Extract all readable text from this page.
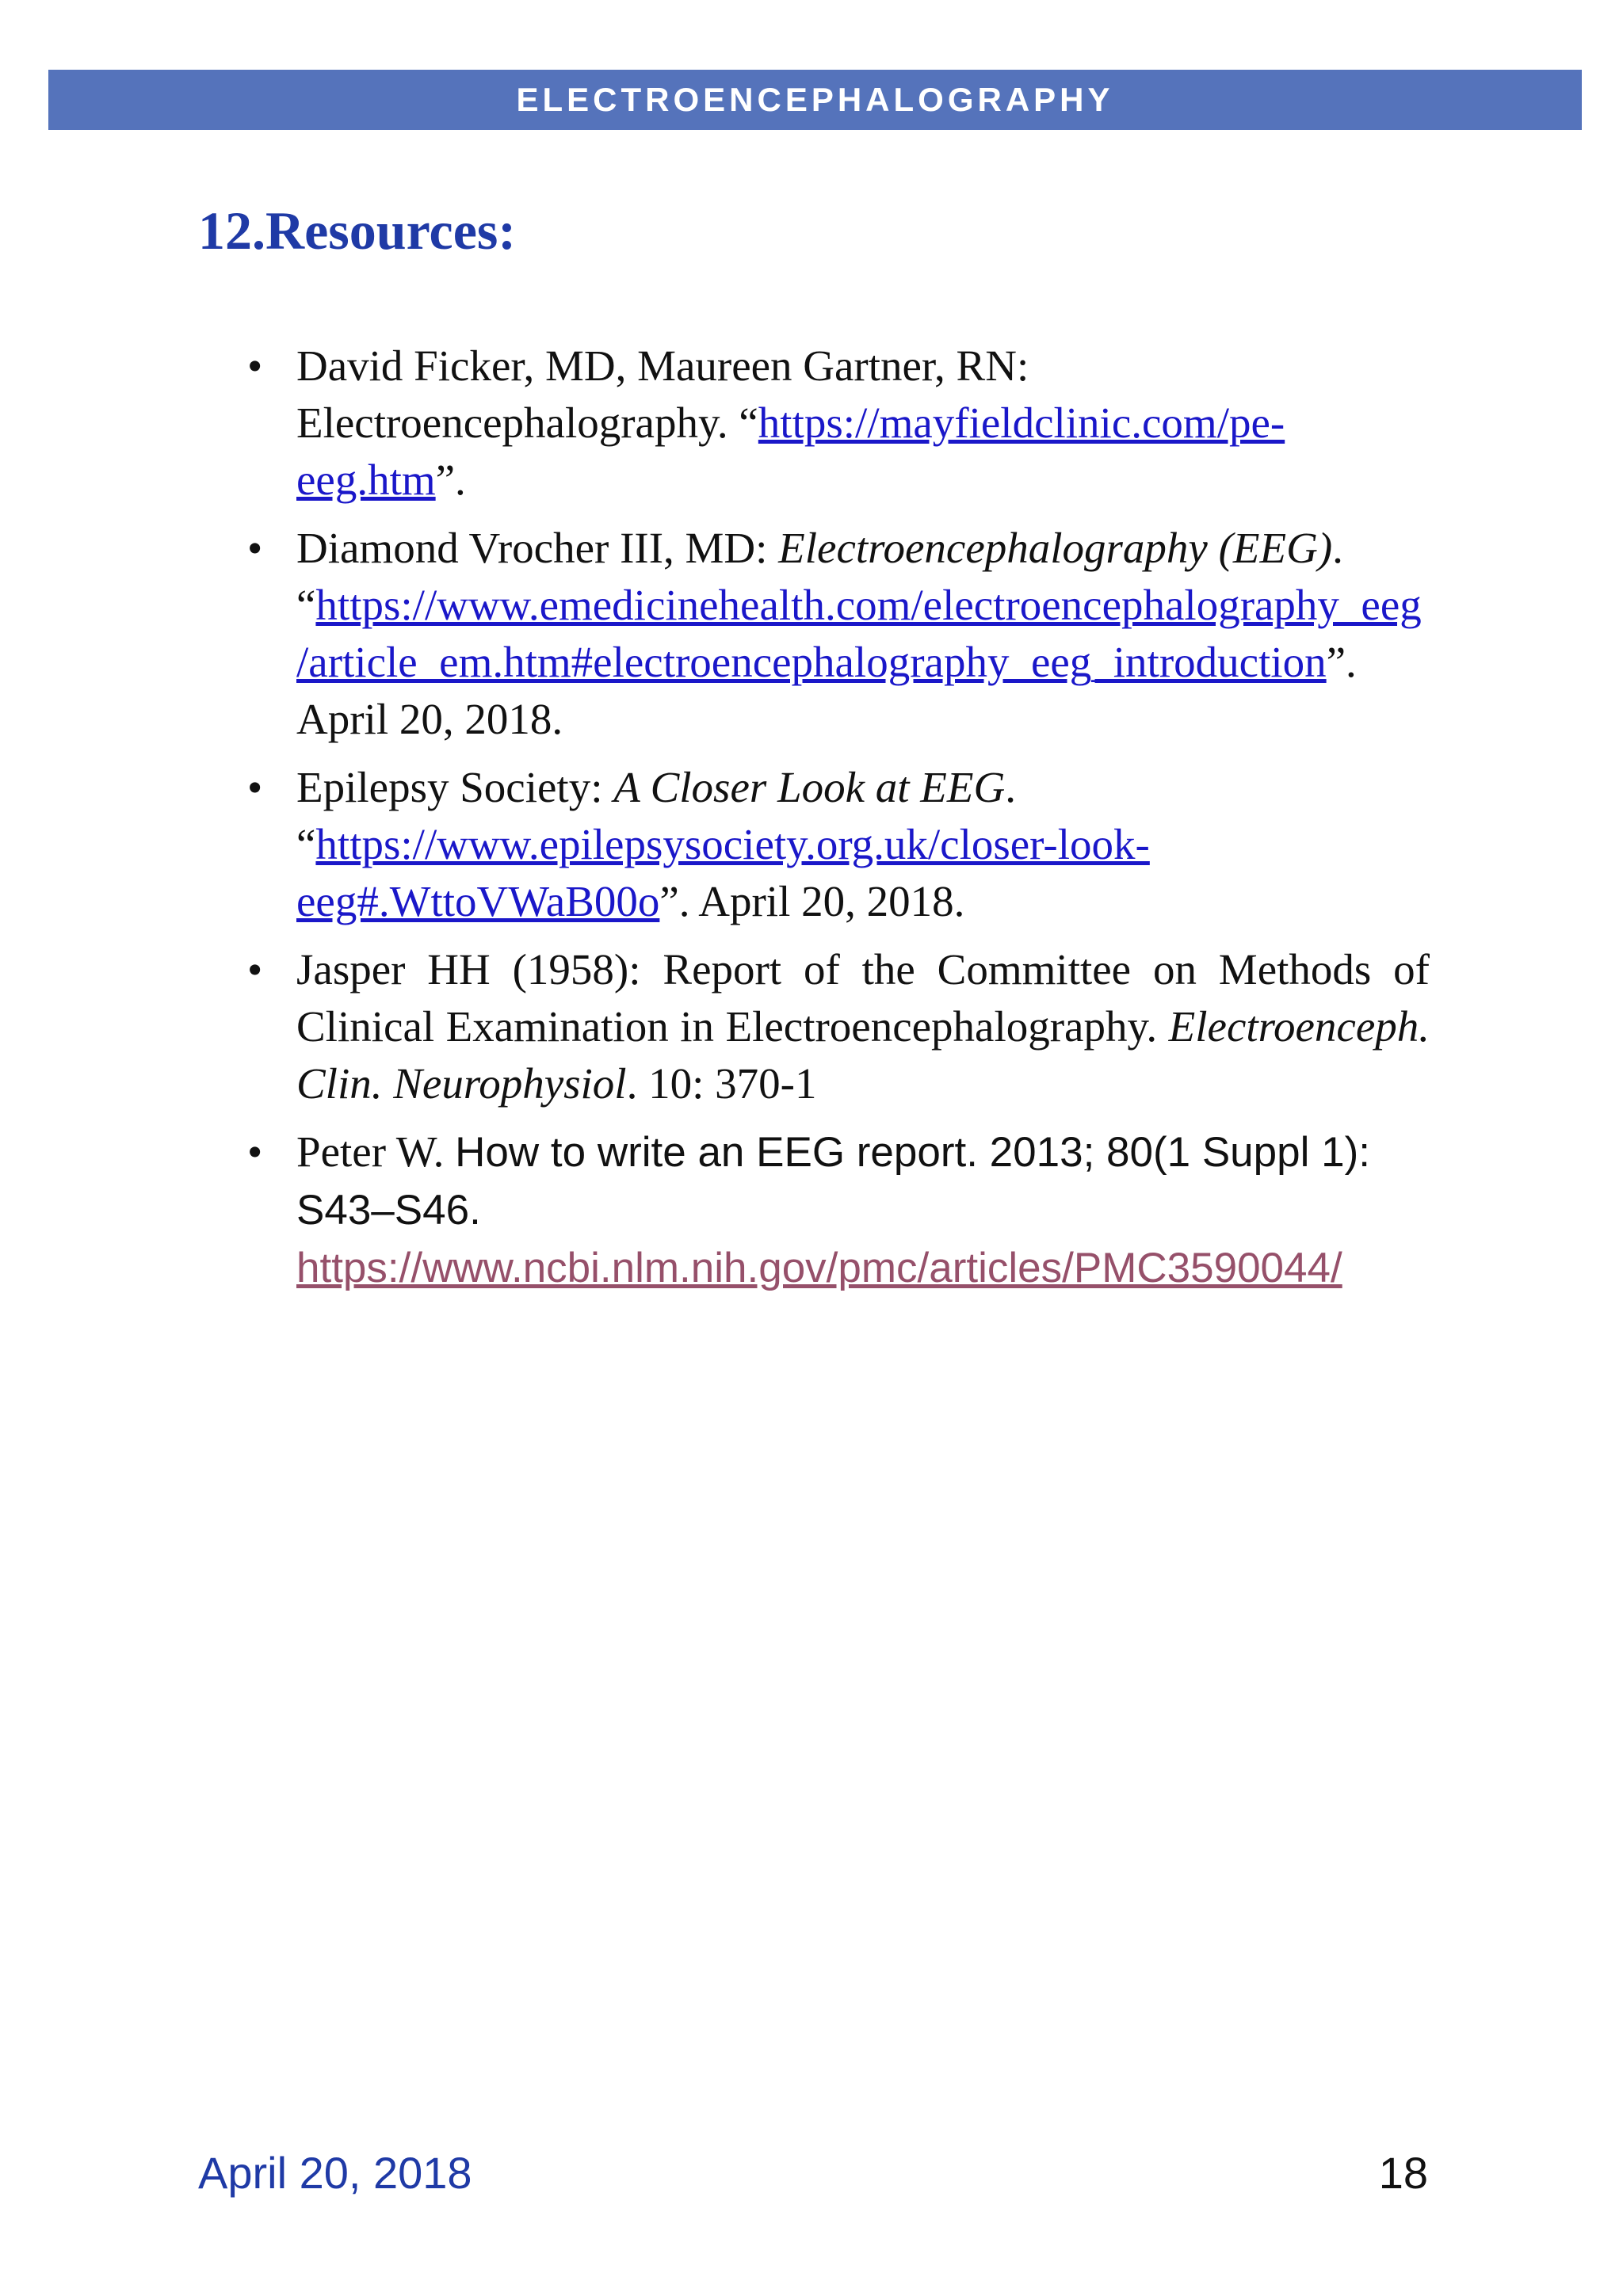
ELECTROENCEPHALOGRAPHY
12.Resources:
• David Ficker, MD, Maureen Gartner, RN: Electroencephalography. “https://mayfieldclinic.com/pe-eeg.htm”.
• Diamond Vrocher III, MD: Electroencephalography (EEG). “https://www.emedicinehealth.com/electroencephalography_eeg/article_em.htm#electroencephalography_eeg_introduction”. April 20, 2018.
• Epilepsy Society: A Closer Look at EEG. “https://www.epilepsysociety.org.uk/closer-look-eeg#.WttoVWaB00o”. April 20, 2018.
• Jasper HH (1958): Report of the Committee on Methods of Clinical Examination in Electroencephalography. Electroenceph. Clin. Neurophysiol. 10: 370-1
• Peter W. How to write an EEG report. 2013; 80(1 Suppl 1): S43–S46. https://www.ncbi.nlm.nih.gov/pmc/articles/PMC3590044/
April 20, 2018	18
